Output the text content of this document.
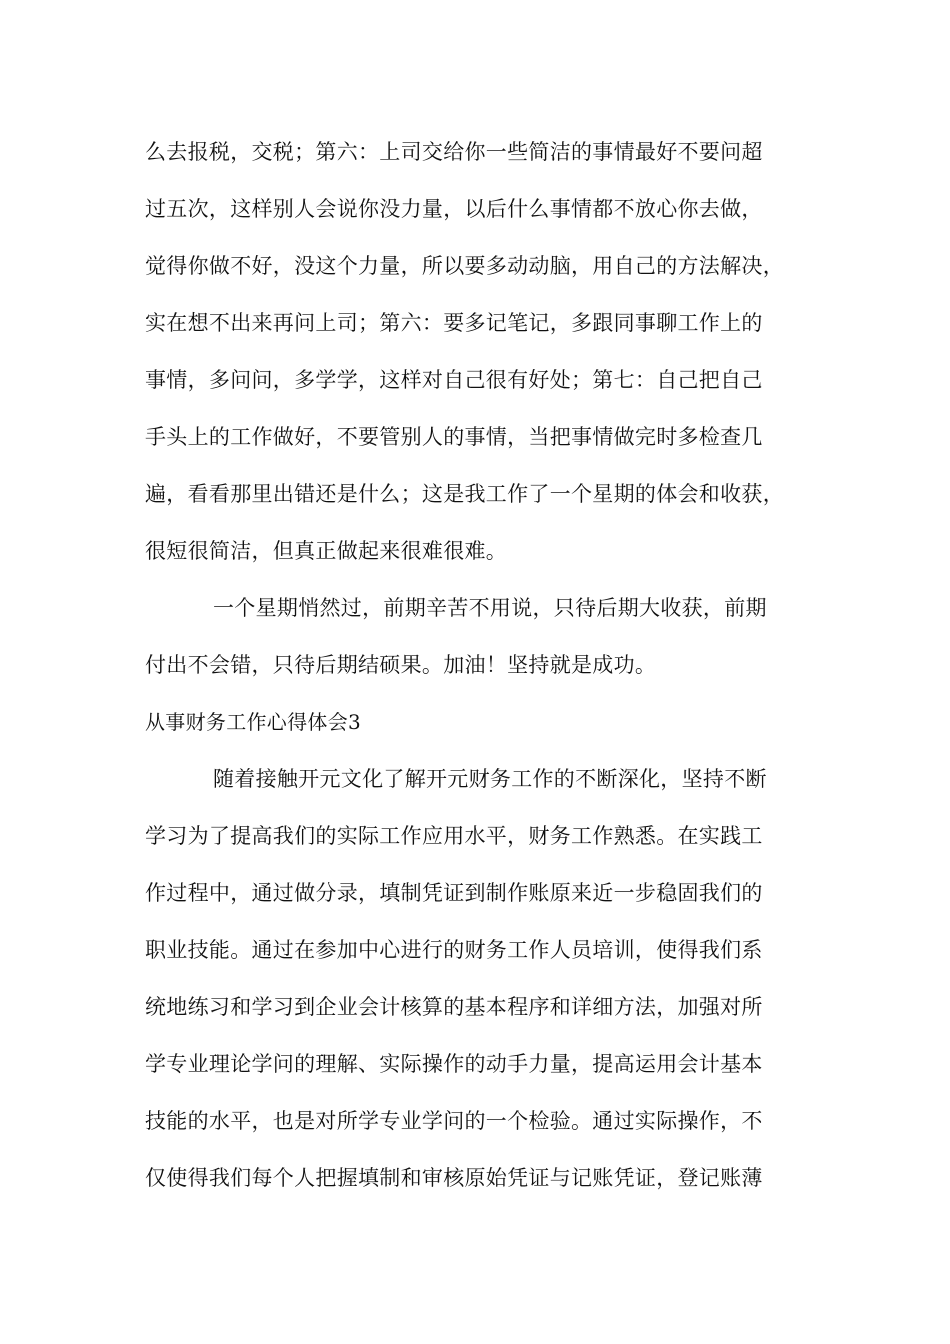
么去报税，交税；第六：上司交给你一些简洁的事情最好不要问超
过五次，这样别人会说你没力量，以后什么事情都不放心你去做，
觉得你做不好，没这个力量，所以要多动动脑，用自己的方法解决，
实在想不出来再问上司；第六：要多记笔记，多跟同事聊工作上的
事情，多问问，多学学，这样对自己很有好处；第七：自己把自己
手头上的工作做好，不要管别人的事情，当把事情做完时多检查几
遍，看看那里出错还是什么；这是我工作了一个星期的体会和收获，
很短很简洁，但真正做起来很难很难。
一个星期悄然过，前期辛苦不用说，只待后期大收获，前期
付出不会错，只待后期结硕果。加油！坚持就是成功。
从事财务工作心得体会3
随着接触开元文化了解开元财务工作的不断深化，坚持不断
学习为了提高我们的实际工作应用水平，财务工作熟悉。在实践工
作过程中，通过做分录，填制凭证到制作账原来近一步稳固我们的
职业技能。通过在参加中心进行的财务工作人员培训，使得我们系
统地练习和学习到企业会计核算的基本程序和详细方法，加强对所
学专业理论学问的理解、实际操作的动手力量，提高运用会计基本
技能的水平，也是对所学专业学问的一个检验。通过实际操作，不
仅使得我们每个人把握填制和审核原始凭证与记账凭证，登记账薄
